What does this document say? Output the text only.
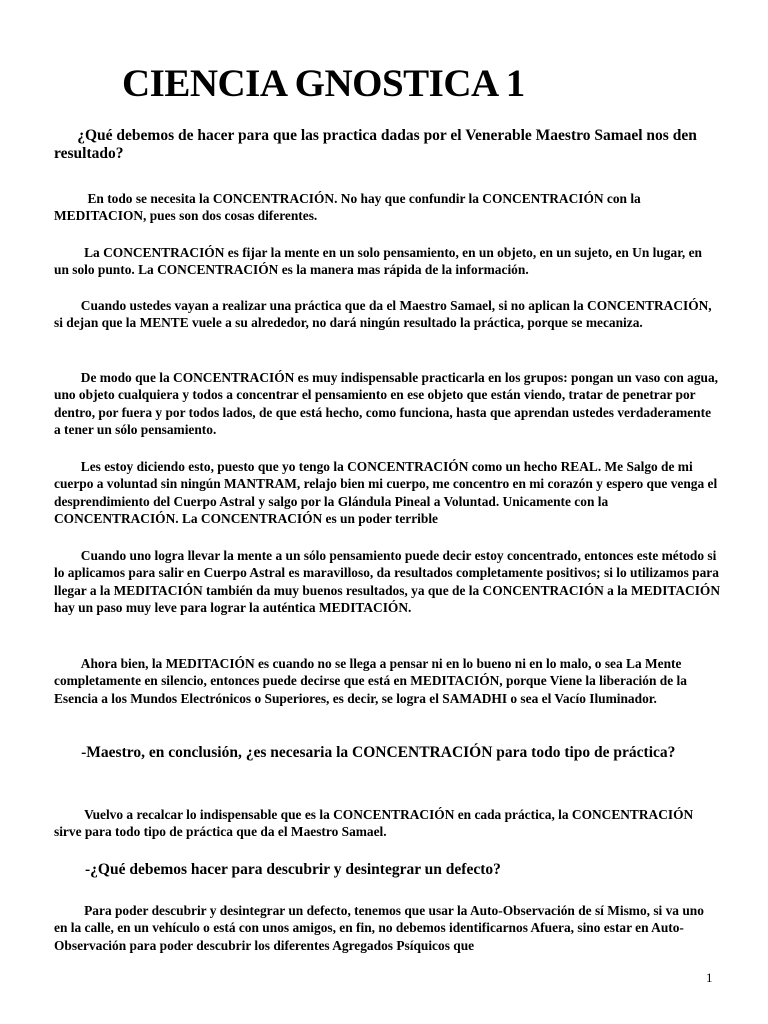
CIENCIA GNOSTICA 1

¿Qué debemos de hacer para que las practica dadas por el Venerable Maestro Samael nos den resultado?

En todo se necesita la CONCENTRACIÓN. No hay que confundir la CONCENTRACIÓN con la MEDITACION, pues son dos cosas diferentes.

La CONCENTRACIÓN es fijar la mente en un solo pensamiento, en un objeto, en un sujeto, en Un lugar, en un solo punto. La CONCENTRACIÓN es la manera mas rápida de la información.

Cuando ustedes vayan a realizar una práctica que da el Maestro Samael, si no aplican la CONCENTRACIÓN, si dejan que la MENTE vuele a su alrededor, no dará ningún resultado la práctica, porque se mecaniza.

De modo que la CONCENTRACIÓN es muy indispensable practicarla en los grupos: pongan un vaso con agua, uno objeto cualquiera y todos a concentrar el pensamiento en ese objeto que están viendo, tratar de penetrar por dentro, por fuera y por todos lados, de que está hecho, como funciona, hasta que aprendan ustedes verdaderamente a tener un sólo pensamiento.

Les estoy diciendo esto, puesto que yo tengo la CONCENTRACIÓN como un hecho REAL. Me Salgo de mi cuerpo a voluntad sin ningún MANTRAM, relajo bien mi cuerpo, me concentro en mi corazón y espero que venga el desprendimiento del Cuerpo Astral y salgo por la Glándula Pineal a Voluntad. Unicamente con la CONCENTRACIÓN. La CONCENTRACIÓN es un poder terrible

Cuando uno logra llevar la mente a un sólo pensamiento puede decir estoy concentrado, entonces este método si lo aplicamos para salir en Cuerpo Astral es maravilloso, da resultados completamente positivos; si lo utilizamos para llegar a la MEDITACIÓN también da muy buenos resultados, ya que de la CONCENTRACIÓN a la MEDITACIÓN hay un paso muy leve para lograr la auténtica MEDITACIÓN.

Ahora bien, la MEDITACIÓN es cuando no se llega a pensar ni en lo bueno ni en lo malo, o sea La Mente completamente en silencio, entonces puede decirse que está en MEDITACIÓN, porque Viene la liberación de la Esencia a los Mundos Electrónicos o Superiores, es decir, se logra el SAMADHI o sea el Vacío Iluminador.

-Maestro, en conclusión, ¿es necesaria la CONCENTRACIÓN para todo tipo de práctica?

Vuelvo a recalcar lo indispensable que es la CONCENTRACIÓN en cada práctica, la CONCENTRACIÓN sirve para todo tipo de práctica que da el Maestro Samael.

-¿Qué debemos hacer para descubrir y desintegrar un defecto?

Para poder descubrir y desintegrar un defecto, tenemos que usar la Auto-Observación de sí Mismo, si va uno en la calle, en un vehículo o está con unos amigos, en fin, no debemos identificarnos Afuera, sino estar en Auto-Observación para poder descubrir los diferentes Agregados Psíquicos que

1
